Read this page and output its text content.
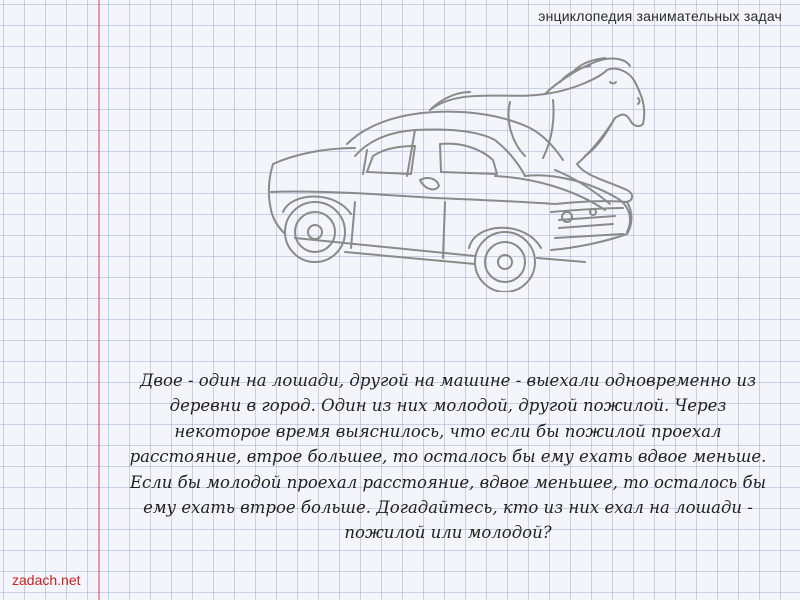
энциклопедия занимательных задач
Двое - один на лошади, другой на машине - выехали одновременно из деревни в город. Один из них молодой, другой пожилой. Через некоторое время выяснилось, что если бы пожилой проехал расстояние, втрое большее, то осталось бы ему ехать вдвое меньше. Если бы молодой проехал расстояние, вдвое меньшее, то осталось бы ему ехать втрое больше. Догадайтесь, кто из них ехал на лошади - пожилой или молодой?
zadach.net
